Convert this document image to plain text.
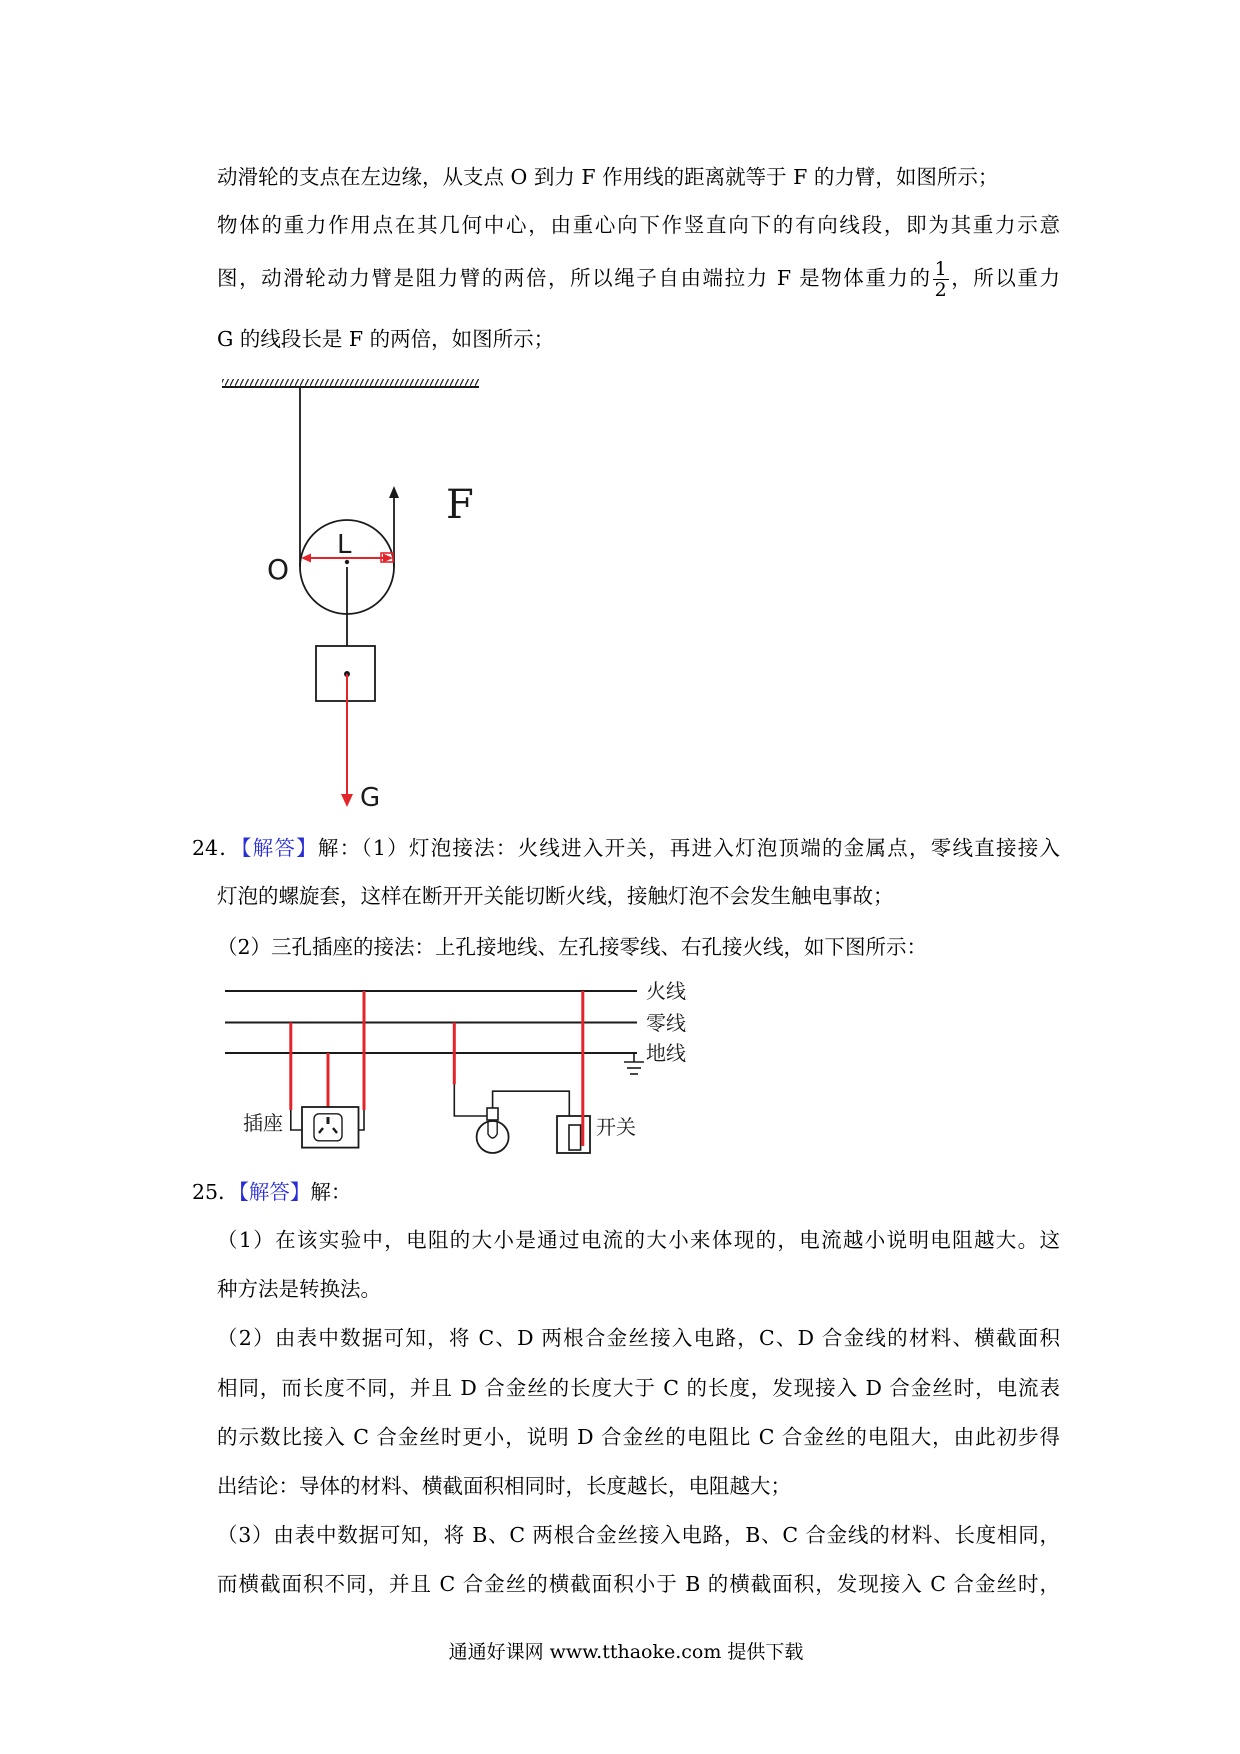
动滑轮的支点在左边缘，从支点 O 到力 F 作用线的距离就等于 F 的力臂，如图所示；
物体的重力作用点在其几何中心，由重心向下作竖直向下的有向线段，即为其重力示意
图，动滑轮动力臂是阻力臂的两倍，所以绳子自由端拉力 F 是物体重力的 $\frac{1}{2}$ ，所以重力
G 的线段长是 F 的两倍，如图所示；
F
O
L
G
24．【解答】解：（1）灯泡接法：火线进入开关，再进入灯泡顶端的金属点，零线直接接入
灯泡的螺旋套，这样在断开开关能切断火线，接触灯泡不会发生触电事故；
（2）三孔插座的接法：上孔接地线、左孔接零线、右孔接火线，如下图所示：
火线
零线
地线
插座	开关
25．【解答】解：
（1）在该实验中，电阻的大小是通过电流的大小来体现的，电流越小说明电阻越大。这
种方法是转换法。
（2）由表中数据可知，将 C、D 两根合金丝接入电路，C、D 合金线的材料、横截面积
相同，而长度不同，并且 D 合金丝的长度大于 C 的长度，发现接入 D 合金丝时，电流表
的示数比接入 C 合金丝时更小，说明 D 合金丝的电阻比 C 合金丝的电阻大，由此初步得
出结论：导体的材料、横截面积相同时，长度越长，电阻越大；
（3）由表中数据可知，将 B、C 两根合金丝接入电路，B、C 合金线的材料、长度相同，
而横截面积不同，并且 C 合金丝的横截面积小于 B 的横截面积，发现接入 C 合金丝时，
通通好课网 www.tthaoke.com 提供下载
